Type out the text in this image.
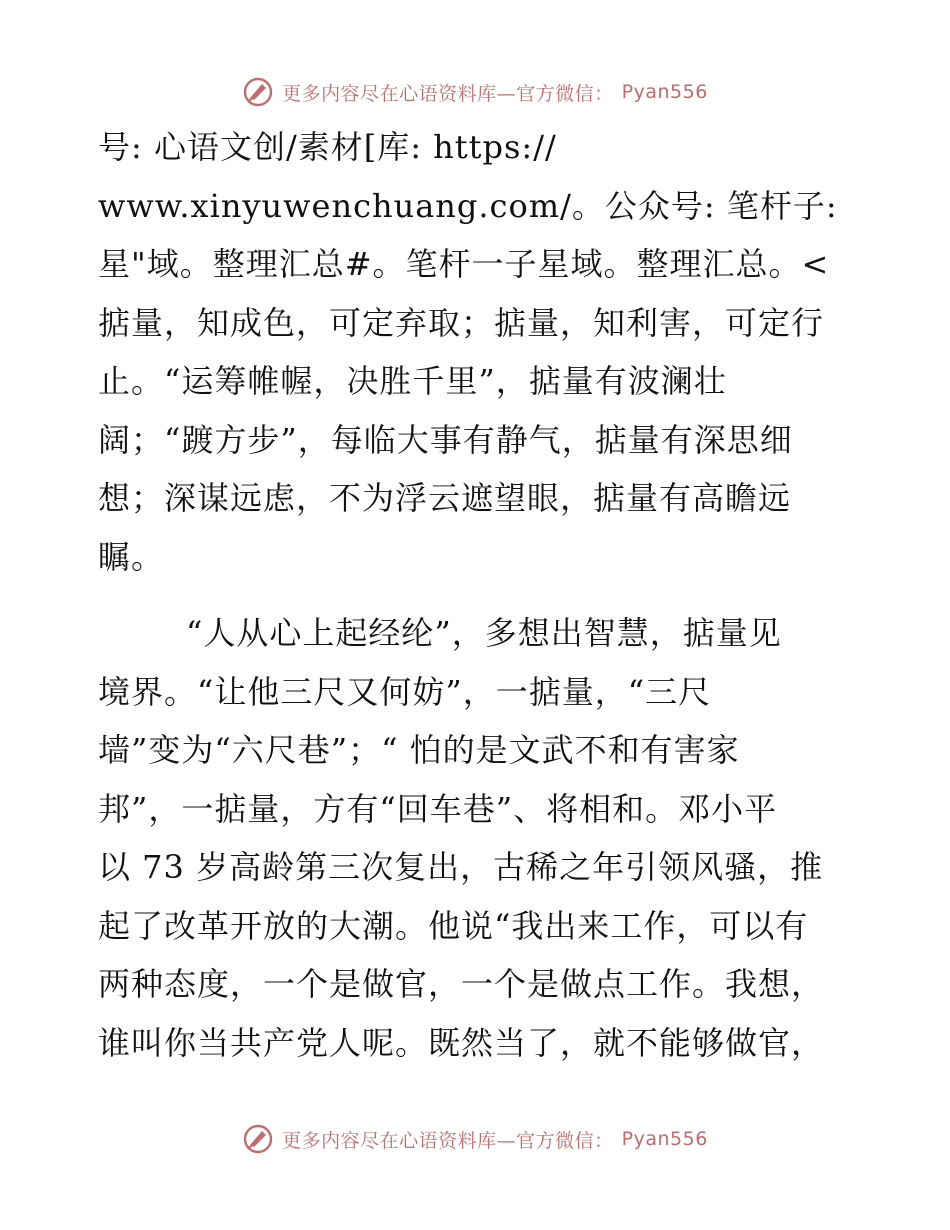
更多内容尽在心语资料库—官方微信： Pyan556
号: 心语文创/素材[库: https://
www.xinyuwenchuang.com/。公众号: 笔杆子:
星"域。整理汇总#。笔杆一子星域。整理汇总。<
掂量，知成色，可定弃取；掂量，知利害，可定行
止。“运筹帷幄，决胜千里”，掂量有波澜壮
阔；“踱方步”，每临大事有静气，掂量有深思细
想；深谋远虑，不为浮云遮望眼，掂量有高瞻远
瞩。
“人从心上起经纶”，多想出智慧，掂量见
境界。“让他三尺又何妨”，一掂量，“三尺
墙”变为“六尺巷”；“ 怕的是文武不和有害家
邦”，一掂量，方有“回车巷”、将相和。邓小平
以 73 岁高龄第三次复出，古稀之年引领风骚，推
起了改革开放的大潮。他说“我出来工作，可以有
两种态度，一个是做官，一个是做点工作。我想，
谁叫你当共产党人呢。既然当了，就不能够做官，
更多内容尽在心语资料库—官方微信： Pyan556
